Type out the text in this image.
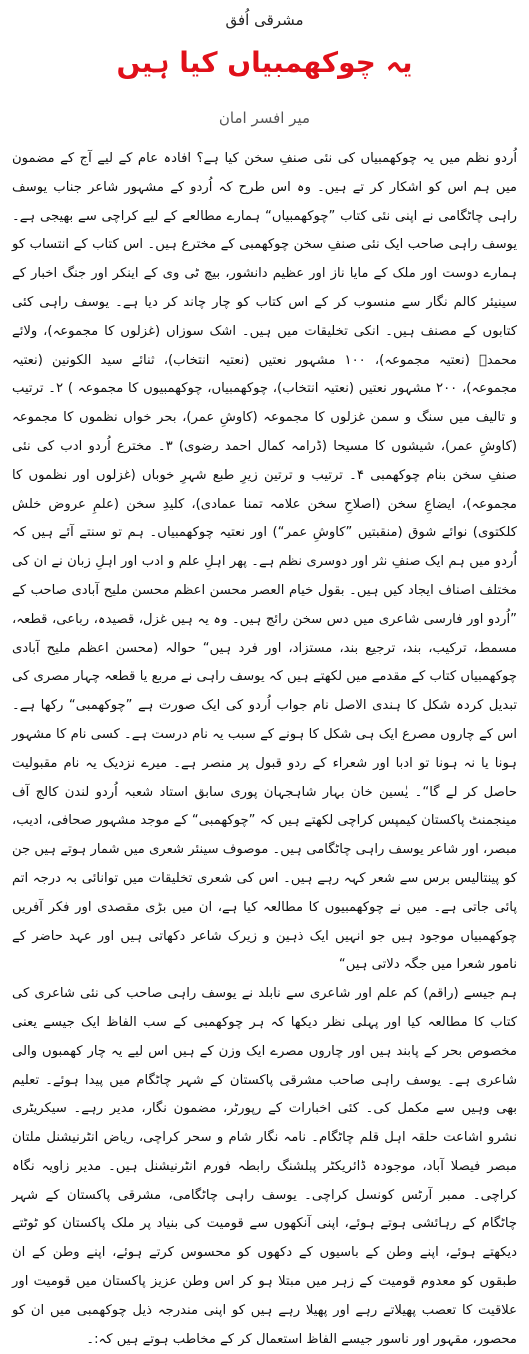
مشرقی اُفق
یہ چوکھمبیاں کیا ہیں
میر افسر امان

اُردو نظم میں یہ چوکھمبیاں کی نئی صنفِ سخن کیا ہے؟ افادہ عام کے لیے آج کے مضمون میں ہم اس کو اشکار کر تے ہیں۔ وہ اس طرح کہ اُردو کے مشہور شاعر جناب یوسف راہی چاٹگامی نے اپنی نئی کتاب ”چوکھمبیاں“ ہمارے مطالعے کے لیے کراچی سے بھیجی ہے۔ یوسف راہی صاحب ایک نئی صنفِ سخن چوکھمبی کے مخترع ہیں۔ اس کتاب کے انتساب کو ہمارے دوست اور ملک کے مایا ناز اور عظیم دانشور، بیچ ٹی وی کے اینکر اور جنگ اخبار کے سینیئر کالم نگار سے منسوب کر کے اس کتاب کو چار چاند کر دیا ہے۔ یوسف راہی کئی کتابوں کے مصنف ہیں۔ انکی تخلیقات میں ہیں۔ اشک سوزاں (غزلوں کا مجموعہ)، ولائے محمدؐ (نعتیہ مجموعہ)، ۱۰۰ مشہور نعتیں (نعتیہ انتخاب)، ثنائے سید الکونین (نعتیہ مجموعہ)، ۲۰۰ مشہور نعتیں (نعتیہ انتخاب)، چوکھمبیاں، چوکھمبیوں کا مجموعہ ) ۲۔ ترتیب و تالیف میں سنگ و سمن غزلوں کا مجموعہ (کاوشِ عمر)، بحر خواں نظموں کا مجموعہ (کاوشِ عمر)، شیشوں کا مسیحا (ڈرامہ کمال احمد رضوی) ۳۔ مخترع اُردو ادب کی نئی صنفِ سخن بنام چوکھمبی ۴۔ ترتیب و ترتین زیرِ طبع شہرِ خوباں (غزلوں اور نظموں کا مجموعہ)، ایضاعِ سخن (اصلاحِ سخن علامہ تمنا عمادی)، کلیدِ سخن (علمِ عروض خلش کلکتوی) نوائے شوق (منقبتیں ”کاوشِ عمر“) اور نعتیہ چوکھمبیاں۔ ہم تو سنتے آئے ہیں کہ اُردو میں ہم ایک صنفِ نثر اور دوسری نظم ہے۔ پھر اہلِ علم و ادب اور اہلِ زبان نے ان کی مختلف اصناف ایجاد کیں ہیں۔ بقول خیام العصر محسن اعظم محسن ملیح آبادی صاحب کے ”اُردو اور فارسی شاعری میں دس سخن رائج ہیں۔ وہ یہ ہیں غزل، قصیدہ، رباعی، قطعہ، مسمط، ترکیب، بند، ترجیع بند، مستزاد، اور فرد ہیں“ حوالہ (محسن اعظم ملیح آبادی چوکھمبیاں کتاب کے مقدمے میں لکھتے ہیں کہ یوسف راہی نے مربع یا قطعہ چہار مصری کی تبدیل کردہ شکل کا ہندی الاصل نام جواب اُردو کی ایک صورت ہے ”چوکھمبی“ رکھا ہے۔ اس کے چاروں مصرع ایک ہی شکل کا ہونے کے سبب یہ نام درست ہے۔ کسی نام کا مشہور ہونا یا نہ ہونا تو ادبا اور شعراء کے ردو قبول پر منصر ہے۔ میرے نزدیک یہ نام مقبولیت حاصل کر لے گا“۔ یٰسین خان بہار شاہجہان پوری سابق استاد شعبہ اُردو لندن کالج آف مینجمنٹ پاکستان کیمپس کراچی لکھتے ہیں کہ ”چوکھمبی“ کے موجد مشہور صحافی، ادیب، مبصر، اور شاعر یوسف راہی چاٹگامی ہیں۔ موصوف سینئر شعری میں شمار ہوتے ہیں جن کو پینتالیس برس سے شعر کہہ رہے ہیں۔ اس کی شعری تخلیقات میں توانائی بہ درجہ اتم پائی جاتی ہے۔ میں نے چوکھمبیوں کا مطالعہ کیا ہے، ان میں بڑی مقصدی اور فکر آفریں چوکھمبیاں موجود ہیں جو انہیں ایک ذہین و زیرک شاعر دکھاتی ہیں اور عہد حاضر کے نامور شعرا میں جگہ دلاتی ہیں“

ہم جیسے (راقم) کم علم اور شاعری سے نابلد نے یوسف راہی صاحب کی نئی شاعری کی کتاب کا مطالعہ کیا اور پہلی نظر دیکھا کہ ہر چوکھمبی کے سب الفاظ ایک جیسے یعنی مخصوص بحر کے پابند ہیں اور چاروں مصرے ایک وزن کے ہیں اس لیے یہ چار کھمبوں والی شاعری ہے۔ یوسف راہی صاحب مشرقی پاکستان کے شہر چاٹگام میں پیدا ہوئے۔ تعلیم بھی وہیں سے مکمل کی۔ کئی اخبارات کے رپورٹر، مضمون نگار، مدیر رہے۔ سیکریٹری نشرو اشاعت حلقہ اہل قلم چاٹگام۔ نامہ نگار شام و سحر کراچی، ریاض انٹرنیشنل ملتان مبصر فیصلا آباد، موجودہ ڈائریکٹر پبلشنگ رابطہ فورم انٹرنیشنل ہیں۔ مدیر زاویہ نگاہ کراچی۔ ممبر آرٹس کونسل کراچی۔ یوسف راہی چاٹگامی، مشرقی پاکستان کے شہر چاٹگام کے رہائشی ہوتے ہوئے، اپنی آنکھوں سے قومیت کی بنیاد پر ملک پاکستان کو ٹوٹتے دیکھتے ہوئے، اپنے وطن کے باسیوں کے دکھوں کو محسوس کرتے ہوئے، اپنے وطن کے ان طبقوں کو معدوم قومیت کے زہر میں مبتلا ہو کر اس وطن عزیز پاکستان میں قومیت اور علاقیت کا تعصب پھیلاتے رہے اور پھیلا رہے ہیں کو اپنی مندرجہ ذیل چوکھمبی میں ان کو محصور، مقہور اور ناسور جیسے الفاظ استعمال کر کے مخاطب ہوتے ہیں کہ:۔
